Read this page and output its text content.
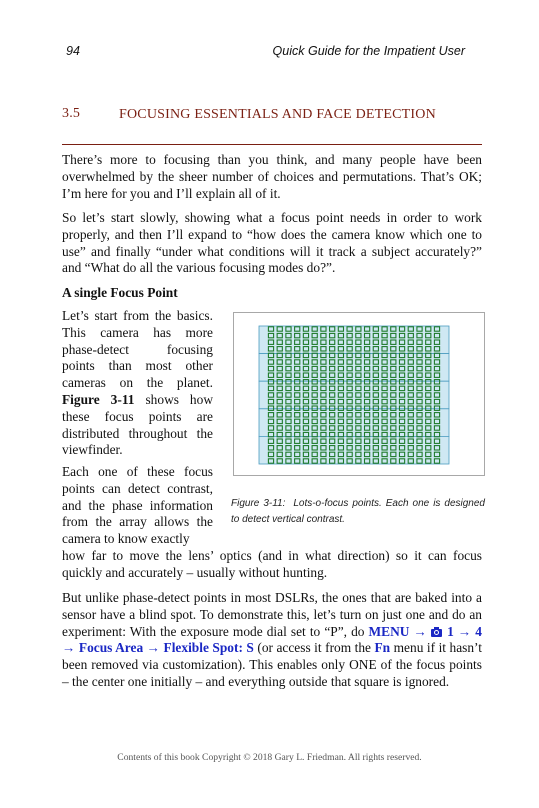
94	Quick Guide for the Impatient User
3.5	FOCUSING ESSENTIALS AND FACE DETECTION

There’s more to focusing than you think, and many people have been overwhelmed by the sheer number of choices and permutations. That’s OK; I’m here for you and I’ll explain all of it.

So let’s start slowly, showing what a focus point needs in order to work properly, and then I’ll expand to “how does the camera know which one to use” and finally “under what conditions will it track a subject accurately?” and “What do all the various focusing modes do?”.

A single Focus Point

Let’s start from the basics. This camera has more phase-detect focusing points than most other cameras on the planet. Figure 3-11 shows how these focus points are distributed throughout the viewfinder.

Each one of these focus points can detect contrast, and the phase information from the array allows the camera to know exactly

how far to move the lens’ optics (and in what direction) so it can focus quickly and accurately – usually without hunting.

Figure 3-11: Lots-o-focus points. Each one is designed to detect vertical contrast.

But unlike phase-detect points in most DSLRs, the ones that are baked into a sensor have a blind spot. To demonstrate this, let’s turn on just one and do an experiment: With the exposure mode dial set to “P”, do MENU → 1 → 4 → Focus Area → Flexible Spot: S (or access it from the Fn menu if it hasn’t been removed via customization). This enables only ONE of the focus points – the center one initially – and everything outside that square is ignored.

Contents of this book Copyright © 2018 Gary L. Friedman. All rights reserved.
